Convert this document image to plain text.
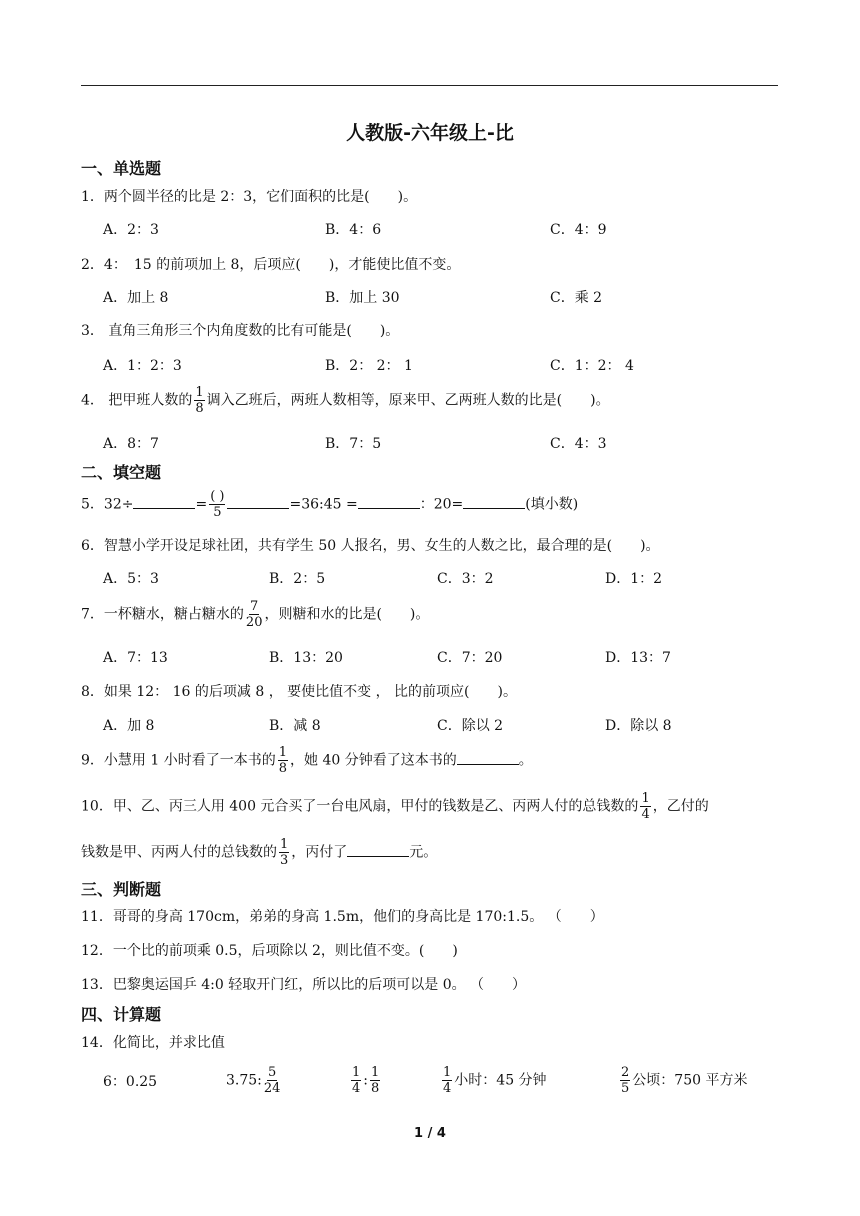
人教版-六年级上-比
一、单选题
1．两个圆半径的比是 2：3，它们面积的比是(　　)。
A．2：3	B．4：6	C．4：9
2．4：　15 的前项加上 8，后项应(　　)，才能使比值不变。
A．加上 8	B．加上 30	C．乘 2
3． 直角三角形三个内角度数的比有可能是(　　)。
A．1：2：3	B．2： 2： 1	C．1：2： 4
4． 把甲班人数的 $\frac{1}{8}$ 调入乙班后，两班人数相等，原来甲、乙两班人数的比是(　　)。
A．8：7	B．7：5	C．4：3
二、填空题
5．32÷	= $\frac{( )}{5}$	=36:45 =	：20=	(填小数)
6．智慧小学开设足球社团，共有学生 50 人报名，男、女生的人数之比，最合理的是(　　)。
A．5：3	B．2：5	C．3：2	D．1：2
7．一杯糖水，糖占糖水的 $\frac{7}{20}$ ，则糖和水的比是(　　)。
A．7：13	B．13：20	C．7：20	D．13：7
8．如果 12： 16 的后项减 8 ， 要使比值不变 ， 比的前项应(　　)。
A．加 8	B．减 8	C．除以 2	D．除以 8
9．小慧用 1 小时看了一本书的 $\frac{1}{8}$ ，她 40 分钟看了这本书的	。
10．甲、乙、丙三人用 400 元合买了一台电风扇，甲付的钱数是乙、丙两人付的总钱数的 $\frac{1}{4}$ ，乙付的
钱数是甲、丙两人付的总钱数的 $\frac{1}{3}$ ，丙付了	元。
三、判断题
11．哥哥的身高 170cm，弟弟的身高 1.5m，他们的身高比是 170:1.5。 （　　）
12．一个比的前项乘 0.5，后项除以 2，则比值不变。(　　)
13．巴黎奥运国乒 4:0 轻取开门红，所以比的后项可以是 0。 （　　）
四、计算题
14．化简比，并求比值
6：0.25	3.75: $\frac{5}{24}$	$\frac{1}{4}$ : $\frac{1}{8}$	$\frac{1}{4}$ 小时：45 分钟	$\frac{2}{5}$ 公顷：750 平方米
1 / 4
